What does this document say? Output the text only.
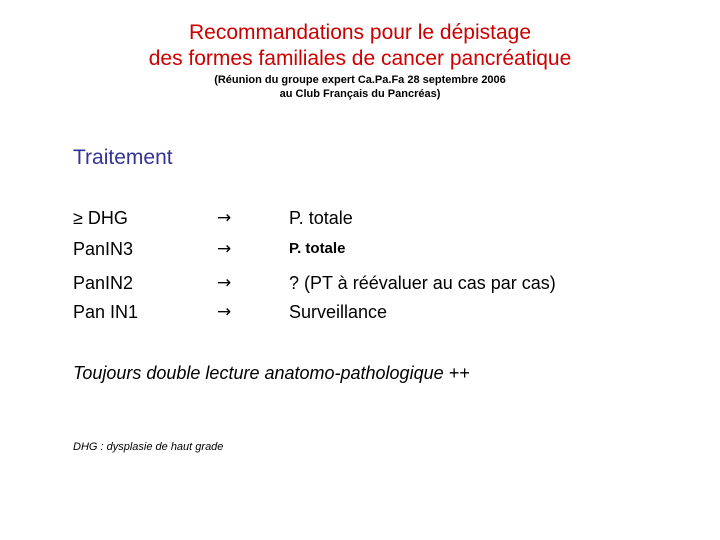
Recommandations pour le dépistage
des formes familiales de cancer pancréatique
(Réunion du groupe expert Ca.Pa.Fa 28 septembre 2006
au Club Français du Pancréas)
Traitement
≥ DHG	→	P. totale
PanIN3	→	P. totale
PanIN2	→	? (PT à réévaluer au cas par cas)
Pan IN1	→	Surveillance
Toujours double lecture anatomo-pathologique ++
DHG : dysplasie de haut grade
